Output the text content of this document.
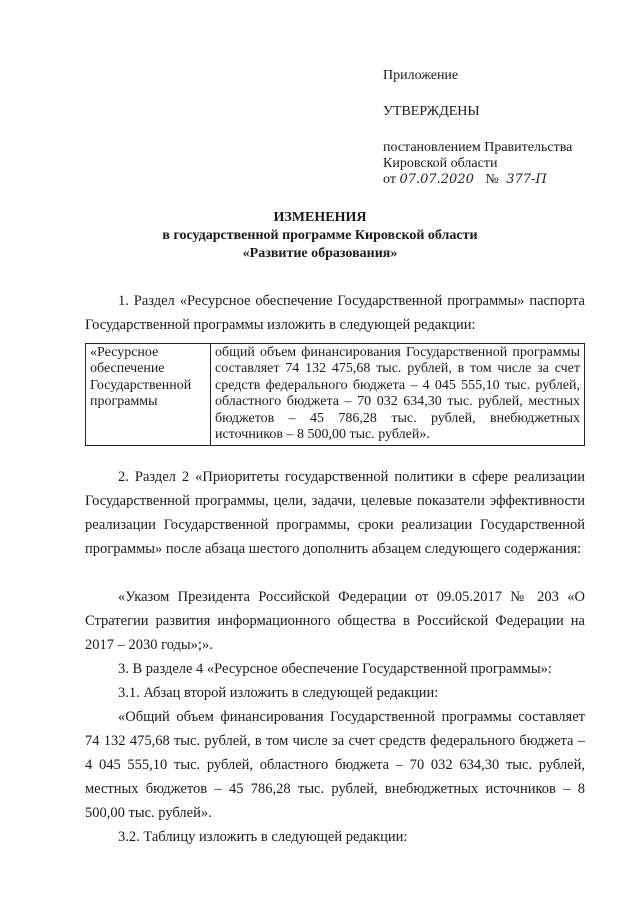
Приложение
УТВЕРЖДЕНЫ
постановлением Правительства
Кировской области
от 07.07.2020 № 377-П
ИЗМЕНЕНИЯ
в государственной программе Кировской области
«Развитие образования»
1. Раздел «Ресурсное обеспечение Государственной программы» паспорта Государственной программы изложить в следующей редакции:
«Ресурсное обеспечение Государственной программы	общий объем финансирования Государственной программы составляет 74 132 475,68 тыс. рублей, в том числе за счет средств федерального бюджета – 4 045 555,10 тыс. рублей, областного бюджета – 70 032 634,30 тыс. рублей, местных бюджетов – 45 786,28 тыс. рублей, внебюджетных источников – 8 500,00 тыс. рублей».
2. Раздел 2 «Приоритеты государственной политики в сфере реализации Государственной программы, цели, задачи, целевые показатели эффективности реализации Государственной программы, сроки реализации Государственной программы» после абзаца шестого дополнить абзацем следующего содержания:
«Указом Президента Российской Федерации от 09.05.2017 № 203 «О Стратегии развития информационного общества в Российской Федерации на 2017 – 2030 годы»;».
3. В разделе 4 «Ресурсное обеспечение Государственной программы»:
3.1. Абзац второй изложить в следующей редакции:
«Общий объем финансирования Государственной программы составляет 74 132 475,68 тыс. рублей, в том числе за счет средств федерального бюджета – 4 045 555,10 тыс. рублей, областного бюджета – 70 032 634,30 тыс. рублей, местных бюджетов – 45 786,28 тыс. рублей, внебюджетных источников – 8 500,00 тыс. рублей».
3.2. Таблицу изложить в следующей редакции:
